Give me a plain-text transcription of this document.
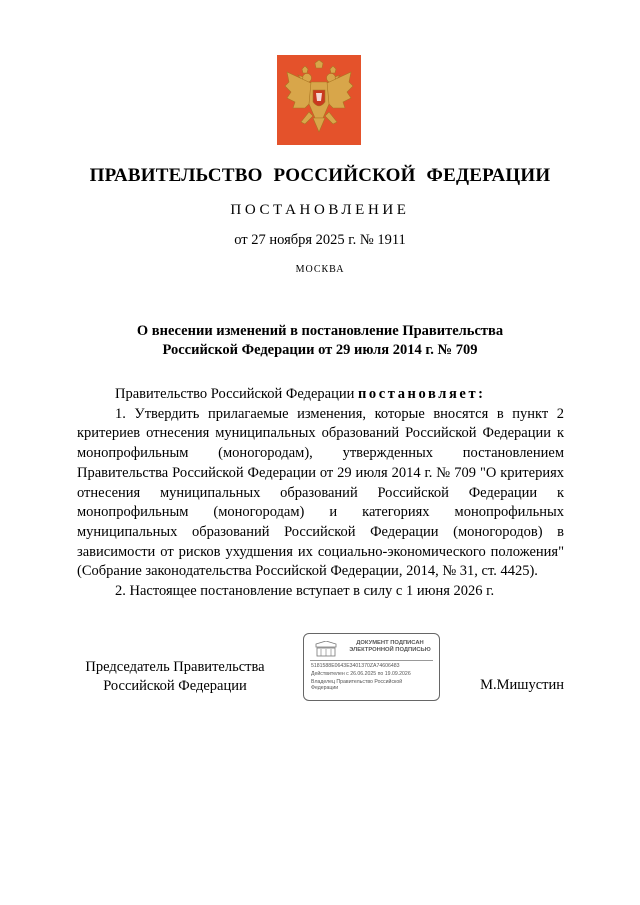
ПРАВИТЕЛЬСТВО РОССИЙСКОЙ ФЕДЕРАЦИИ
ПОСТАНОВЛЕНИЕ
от 27 ноября 2025 г. № 1911
МОСКВА
О внесении изменений в постановление Правительства
Российской Федерации от 29 июля 2014 г. № 709

Правительство Российской Федерации постановляет:

1. Утвердить прилагаемые изменения, которые вносятся в пункт 2 критериев отнесения муниципальных образований Российской Федерации к монопрофильным (моногородам), утвержденных постановлением Правительства Российской Федерации от 29 июля 2014 г. № 709 "О критериях отнесения муниципальных образований Российской Федерации к монопрофильным (моногородам) и категориях монопрофильных муниципальных образований Российской Федерации (моногородов) в зависимости от рисков ухудшения их социально-экономического положения" (Собрание законодательства Российской Федерации, 2014, № 31, ст. 4425).

2. Настоящее постановление вступает в силу с 1 июня 2026 г.

Председатель Правительства
Российской Федерации
ДОКУМЕНТ ПОДПИСАН
ЭЛЕКТРОННОЙ ПОДПИСЬЮ
5181588E0643E3401370ZA74606483
Действителен с 26.06.2025 по 19.09.2026
Владелец Правительство Российской
Федерации	М.Мишустин
